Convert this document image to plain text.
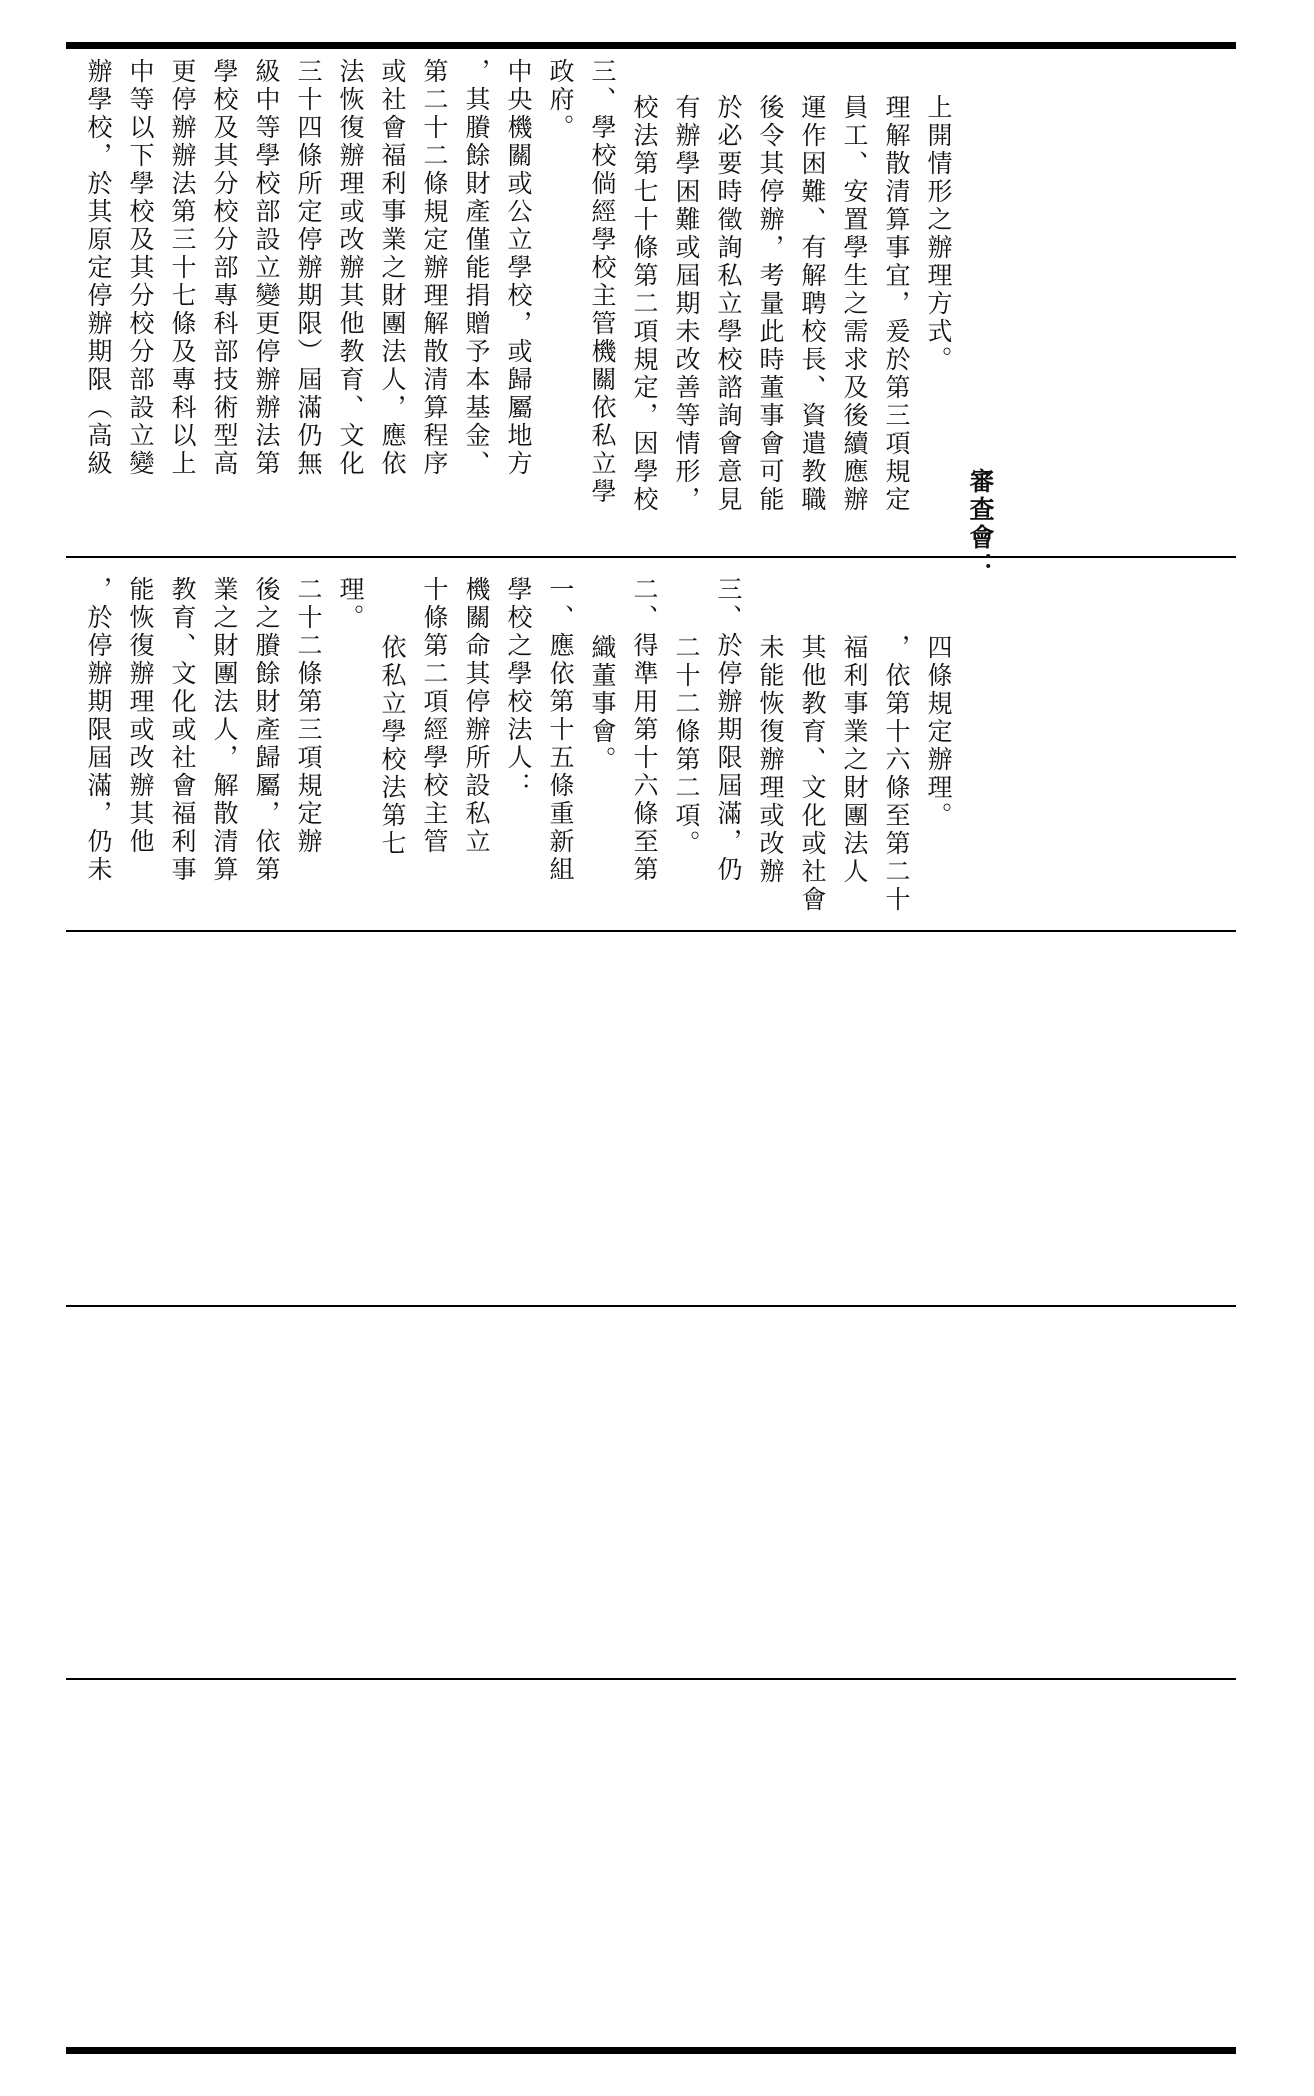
辦學校，於其原定停辦期限（高級 中等以下學校及其分校分部設立變 更停辦辦法第三十七條及專科以上 學校及其分校分部專科部技術型高 級中等學校部設立變更停辦辦法第 三十四條所定停辦期限）屆滿仍無 法恢復辦理或改辦其他教育、文化 或社會福利事業之財團法人，應依 第二十二條規定辦理解散清算程序 ，其賸餘財產僅能捐贈予本基金、 中央機關或公立學校，或歸屬地方 政府。 三、學校倘經學校主管機關依私立學 校法第七十條第二項規定，因學校 有辦學困難或屆期未改善等情形， 於必要時徵詢私立學校諮詢會意見 後令其停辦，考量此時董事會可能 運作困難、有解聘校長、資遣教職 員工、安置學生之需求及後續應辦 理解散清算事宜，爰於第三項規定 上開情形之辦理方式。
審查會：
，於停辦期限屆滿，仍未 能恢復辦理或改辦其他 教育、文化或社會福利事 業之財團法人，解散清算 後之賸餘財產歸屬，依第 二十二條第三項規定辦 理。
依私立學校法第七 十條第二項經學校主管 機關命其停辦所設私立 學校之學校法人： 一、應依第十五條重新組 織董事會。 二、得準用第十六條至第 二十二條第二項。 三、於停辦期限屆滿，仍 未能恢復辦理或改辦 其他教育、文化或社會 福利事業之財團法人 ，依第十六條至第二十 四條規定辦理。
